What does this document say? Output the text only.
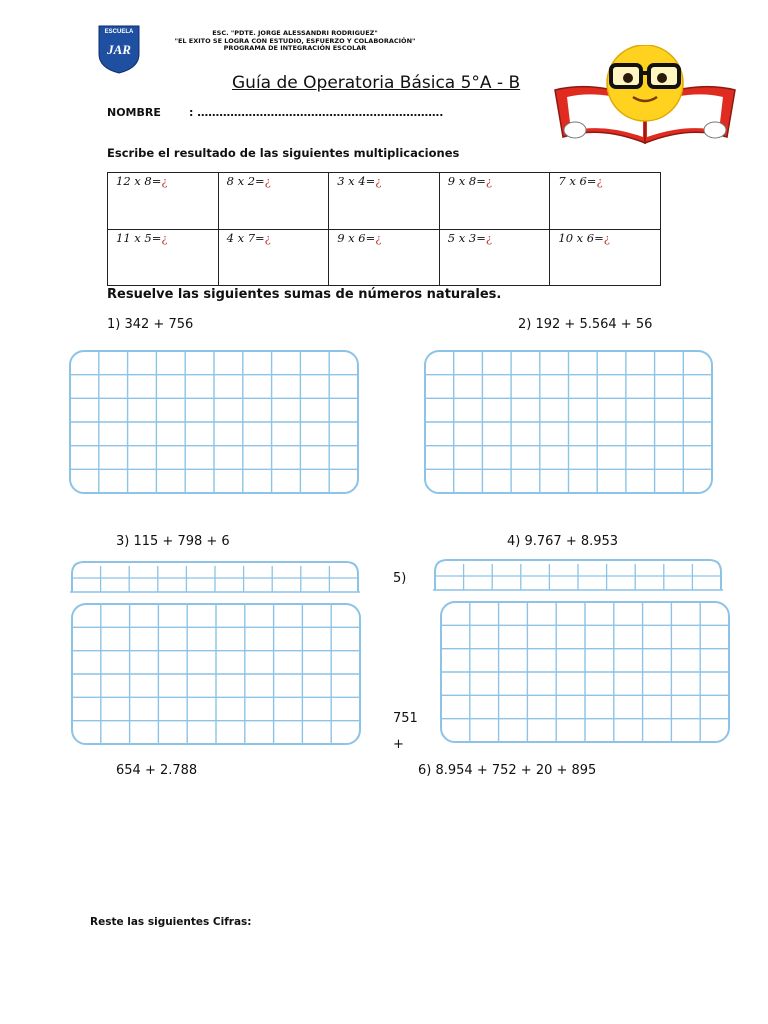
ESCUELA
JAR
ESC. "PDTE. JORGE ALESSANDRI RODRIGUEZ"
"EL EXITO SE LOGRA CON ESTUDIO, ESFUERZO Y COLABORACIÓN"
PROGRAMA DE INTEGRACIÓN ESCOLAR
Guía de Operatoria Básica 5°A - B
NOMBRE	: ………………………………………………………….
Escribe el resultado de las siguientes multiplicaciones
12 x 8=¿	8 x 2=¿	3 x 4=¿	9 x 8=¿	7 x 6=¿
11 x 5=¿	4 x 7=¿	9 x 6=¿	5 x 3=¿	10 x 6=¿
Resuelve las siguientes sumas de números naturales.
1) 342 + 756	2) 192 + 5.564 + 56
3) 115 + 798 + 6	4) 9.767 + 8.953
5)
751
+
654 + 2.788	6) 8.954 + 752 + 20 + 895
Reste las siguientes Cifras:
